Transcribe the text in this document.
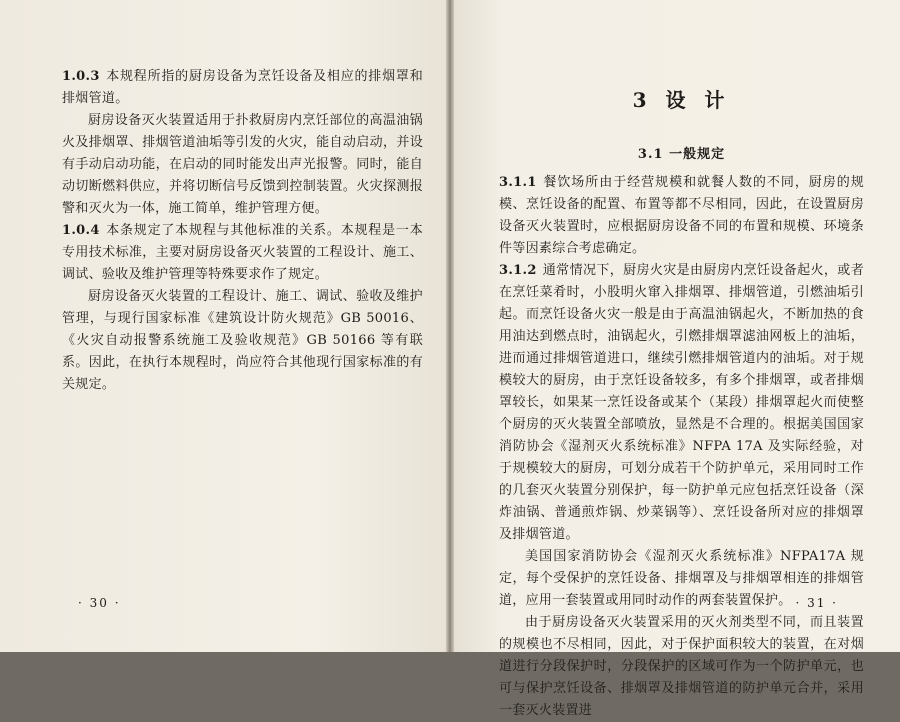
1.0.3 本规程所指的厨房设备为烹饪设备及相应的排烟罩和排烟管道。

厨房设备灭火装置适用于扑救厨房内烹饪部位的高温油锅火及排烟罩、排烟管道油垢等引发的火灾，能自动启动，并设有手动启动功能，在启动的同时能发出声光报警。同时，能自动切断燃料供应，并将切断信号反馈到控制装置。火灾探测报警和灭火为一体，施工简单，维护管理方便。

1.0.4 本条规定了本规程与其他标准的关系。本规程是一本专用技术标准，主要对厨房设备灭火装置的工程设计、施工、调试、验收及维护管理等特殊要求作了规定。

厨房设备灭火装置的工程设计、施工、调试、验收及维护管理，与现行国家标准《建筑设计防火规范》GB 50016、《火灾自动报警系统施工及验收规范》GB 50166 等有联系。因此，在执行本规程时，尚应符合其他现行国家标准的有关规定。

· 30 ·
3 设 计
3.1 一般规定

3.1.1 餐饮场所由于经营规模和就餐人数的不同，厨房的规模、烹饪设备的配置、布置等都不尽相同，因此，在设置厨房设备灭火装置时，应根据厨房设备不同的布置和规模、环境条件等因素综合考虑确定。

3.1.2 通常情况下，厨房火灾是由厨房内烹饪设备起火，或者在烹饪菜肴时，小股明火窜入排烟罩、排烟管道，引燃油垢引起。而烹饪设备火灾一般是由于高温油锅起火，不断加热的食用油达到燃点时，油锅起火，引燃排烟罩滤油网板上的油垢，进而通过排烟管道进口，继续引燃排烟管道内的油垢。对于规模较大的厨房，由于烹饪设备较多，有多个排烟罩，或者排烟罩较长，如果某一烹饪设备或某个（某段）排烟罩起火而使整个厨房的灭火装置全部喷放，显然是不合理的。根据美国国家消防协会《湿剂灭火系统标准》NFPA 17A 及实际经验，对于规模较大的厨房，可划分成若干个防护单元，采用同时工作的几套灭火装置分别保护，每一防护单元应包括烹饪设备（深炸油锅、普通煎炸锅、炒菜锅等）、烹饪设备所对应的排烟罩及排烟管道。

美国国家消防协会《湿剂灭火系统标准》NFPA17A 规定，每个受保护的烹饪设备、排烟罩及与排烟罩相连的排烟管道，应用一套装置或用同时动作的两套装置保护。

由于厨房设备灭火装置采用的灭火剂类型不同，而且装置的规模也不尽相同，因此，对于保护面积较大的装置，在对烟道进行分段保护时，分段保护的区域可作为一个防护单元，也可与保护烹饪设备、排烟罩及排烟管道的防护单元合并，采用一套灭火装置进

· 31 ·
